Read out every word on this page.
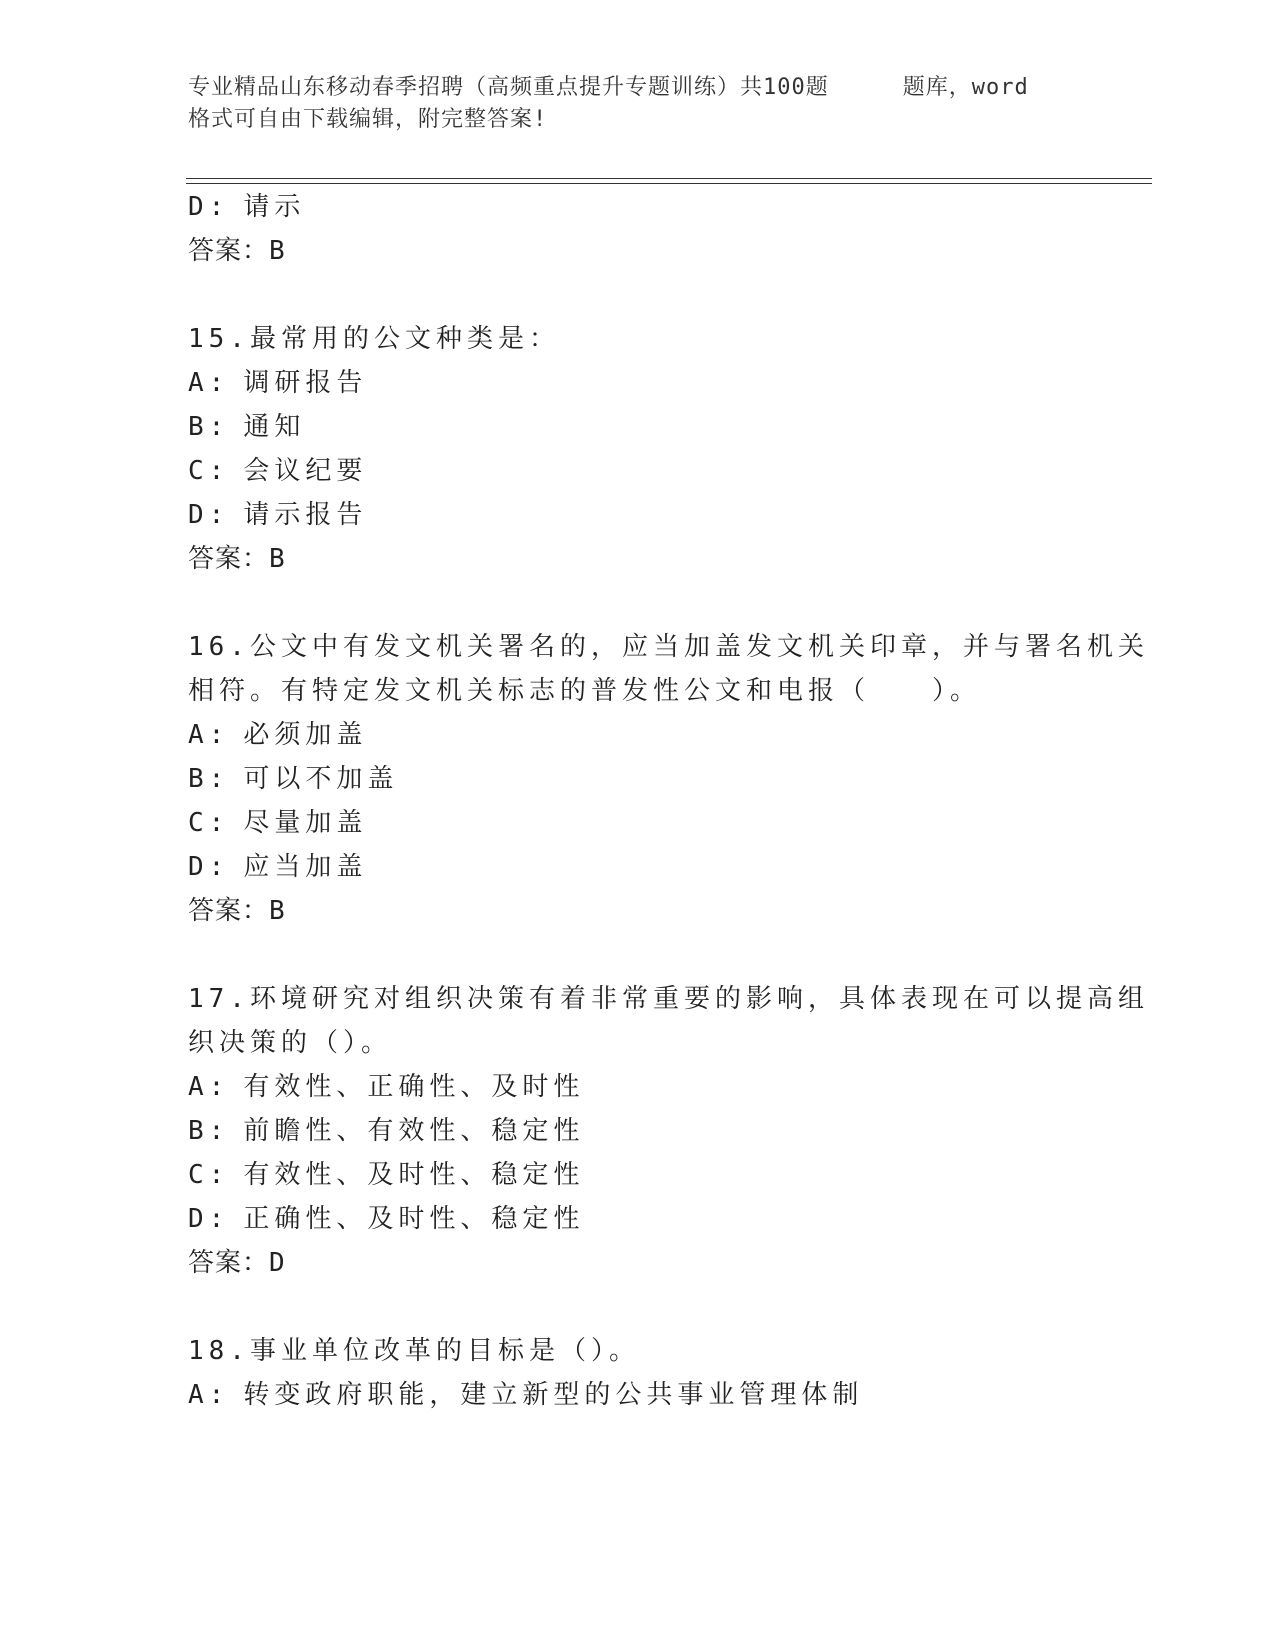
专业精品山东移动春季招聘（高频重点提升专题训练）共100题	题库，word
格式可自由下载编辑，附完整答案!
D: 请示
答案：B
15.最常用的公文种类是：
A: 调研报告
B: 通知
C: 会议纪要
D: 请示报告
答案：B
16.公文中有发文机关署名的，应当加盖发文机关印章，并与署名机关
相符。有特定发文机关标志的普发性公文和电报（　　）。
A: 必须加盖
B: 可以不加盖
C: 尽量加盖
D: 应当加盖
答案：B
17.环境研究对组织决策有着非常重要的影响，具体表现在可以提高组
织决策的（）。
A: 有效性、正确性、及时性
B: 前瞻性、有效性、稳定性
C: 有效性、及时性、稳定性
D: 正确性、及时性、稳定性
答案：D
18.事业单位改革的目标是（）。
A: 转变政府职能，建立新型的公共事业管理体制
